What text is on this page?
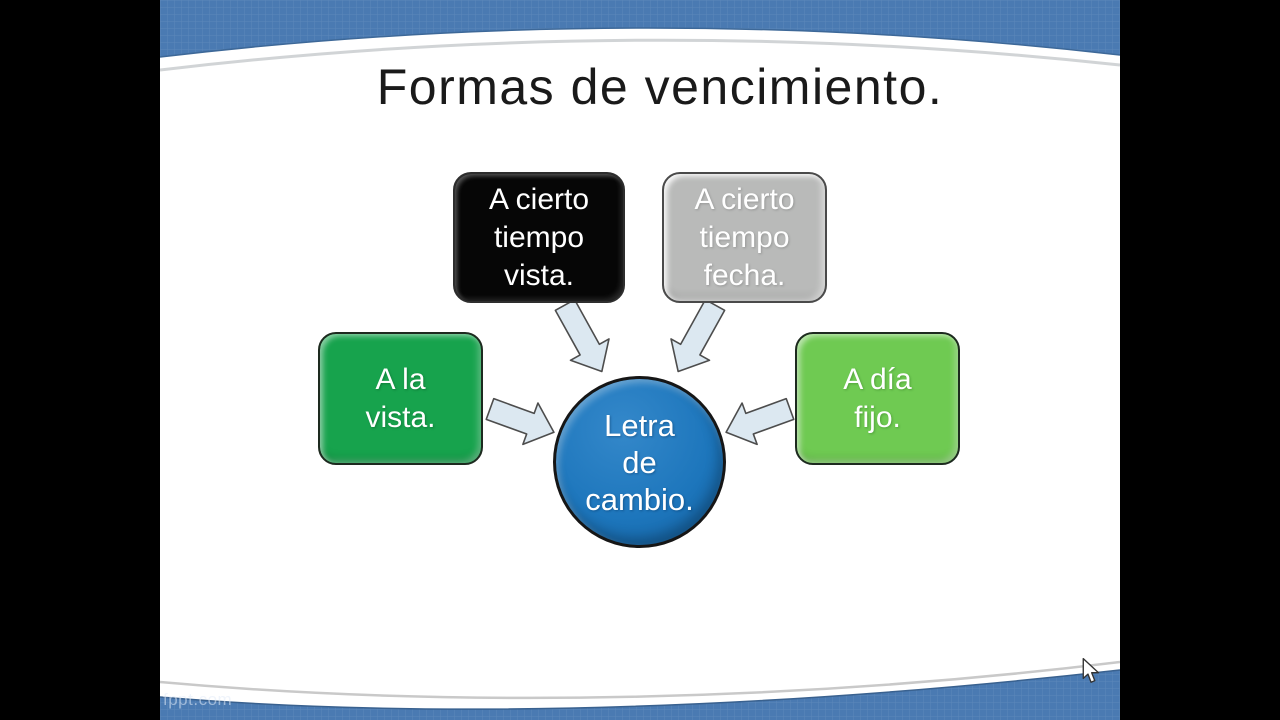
Formas de vencimiento.
A cierto
tiempo
vista.
A cierto
tiempo
fecha.
A la
vista.
A día
fijo.
Letra
de
cambio.
fppt.com
